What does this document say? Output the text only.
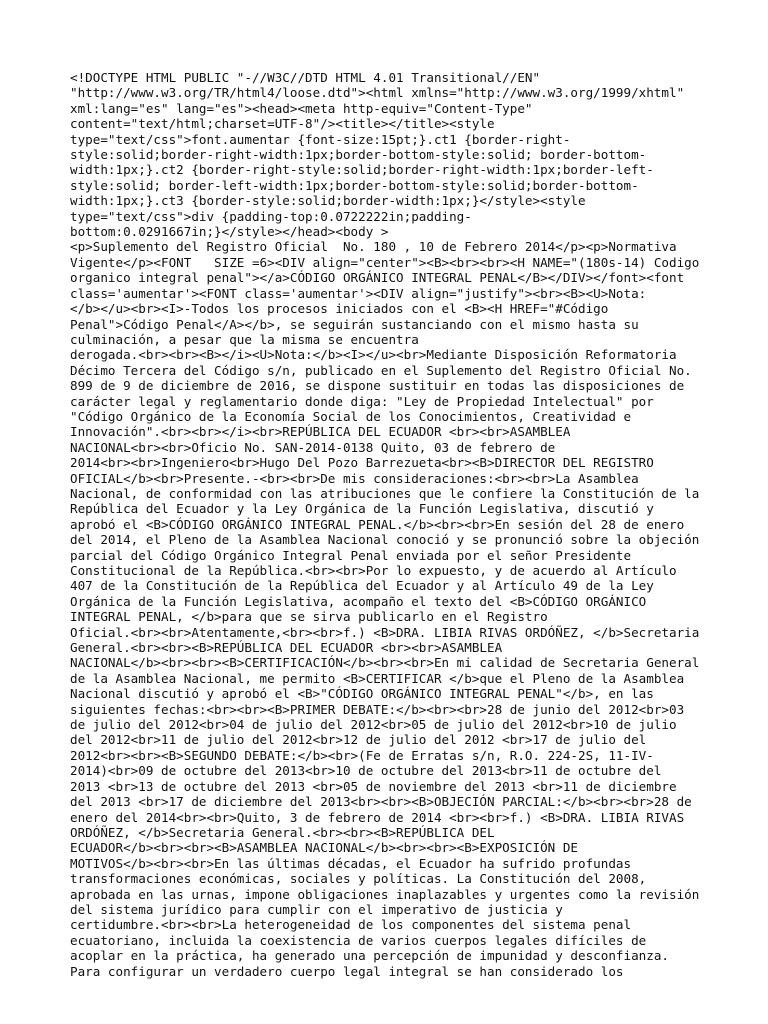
<!DOCTYPE HTML PUBLIC "-//W3C//DTD HTML 4.01 Transitional//EN"
"http://www.w3.org/TR/html4/loose.dtd"><html xmlns="http://www.w3.org/1999/xhtml"
xml:lang="es" lang="es"><head><meta http-equiv="Content-Type"
content="text/html;charset=UTF-8"/><title></title><style
type="text/css">font.aumentar {font-size:15pt;}.ct1 {border-right-
style:solid;border-right-width:1px;border-bottom-style:solid; border-bottom-
width:1px;}.ct2 {border-right-style:solid;border-right-width:1px;border-left-
style:solid; border-left-width:1px;border-bottom-style:solid;border-bottom-
width:1px;}.ct3 {border-style:solid;border-width:1px;}</style><style
type="text/css">div {padding-top:0.0722222in;padding-
bottom:0.0291667in;}</style></head><body >
<p>Suplemento del Registro Oficial  No. 180 , 10 de Febrero 2014</p><p>Normativa
Vigente</p><FONT   SIZE =6><DIV align="center"><B><br><br><H NAME="(180s-14) Codigo
organico integral penal"></a>CÓDIGO ORGÁNICO INTEGRAL PENAL</B></DIV></font><font
class='aumentar'><FONT class='aumentar'><DIV align="justify"><br><B><U>Nota:
</b></u><br><I>-Todos los procesos iniciados con el <B><H HREF="#Código
Penal">Código Penal</A></b>, se seguirán sustanciando con el mismo hasta su
culminación, a pesar que la misma se encuentra
derogada.<br><br><B></i><U>Nota:</b><I></u><br>Mediante Disposición Reformatoria
Décimo Tercera del Código s/n, publicado en el Suplemento del Registro Oficial No.
899 de 9 de diciembre de 2016, se dispone sustituir en todas las disposiciones de
carácter legal y reglamentario donde diga: "Ley de Propiedad Intelectual" por
"Código Orgánico de la Economía Social de los Conocimientos, Creatividad e
Innovación".<br><br></i><br>REPÚBLICA DEL ECUADOR <br><br>ASAMBLEA
NACIONAL<br><br>Oficio No. SAN-2014-0138 Quito, 03 de febrero de
2014<br><br>Ingeniero<br>Hugo Del Pozo Barrezueta<br><B>DIRECTOR DEL REGISTRO
OFICIAL</b><br>Presente.-<br><br>De mis consideraciones:<br><br>La Asamblea
Nacional, de conformidad con las atribuciones que le confiere la Constitución de la
República del Ecuador y la Ley Orgánica de la Función Legislativa, discutió y
aprobó el <B>CÓDIGO ORGÁNICO INTEGRAL PENAL.</b><br><br>En sesión del 28 de enero
del 2014, el Pleno de la Asamblea Nacional conoció y se pronunció sobre la objeción
parcial del Código Orgánico Integral Penal enviada por el señor Presidente
Constitucional de la República.<br><br>Por lo expuesto, y de acuerdo al Artículo
407 de la Constitución de la República del Ecuador y al Artículo 49 de la Ley
Orgánica de la Función Legislativa, acompaño el texto del <B>CÓDIGO ORGÁNICO
INTEGRAL PENAL, </b>para que se sirva publicarlo en el Registro
Oficial.<br><br>Atentamente,<br><br>f.) <B>DRA. LIBIA RIVAS ORDÓÑEZ, </b>Secretaria
General.<br><br><B>REPÚBLICA DEL ECUADOR <br><br>ASAMBLEA
NACIONAL</b><br><br><B>CERTIFICACIÓN</b><br><br>En mi calidad de Secretaria General
de la Asamblea Nacional, me permito <B>CERTIFICAR </b>que el Pleno de la Asamblea
Nacional discutió y aprobó el <B>"CÓDIGO ORGÁNICO INTEGRAL PENAL"</b>, en las
siguientes fechas:<br><br><B>PRIMER DEBATE:</b><br><br>28 de junio del 2012<br>03
de julio del 2012<br>04 de julio del 2012<br>05 de julio del 2012<br>10 de julio
del 2012<br>11 de julio del 2012<br>12 de julio del 2012 <br>17 de julio del
2012<br><br><B>SEGUNDO DEBATE:</b><br>(Fe de Erratas s/n, R.O. 224-2S, 11-IV-
2014)<br>09 de octubre del 2013<br>10 de octubre del 2013<br>11 de octubre del
2013 <br>13 de octubre del 2013 <br>05 de noviembre del 2013 <br>11 de diciembre
del 2013 <br>17 de diciembre del 2013<br><br><B>OBJECIÓN PARCIAL:</b><br><br>28 de
enero del 2014<br><br>Quito, 3 de febrero de 2014 <br><br>f.) <B>DRA. LIBIA RIVAS
ORDÓÑEZ, </b>Secretaria General.<br><br><B>REPÚBLICA DEL
ECUADOR</b><br><br><B>ASAMBLEA NACIONAL</b><br><br><B>EXPOSICIÓN DE
MOTIVOS</b><br><br>En las últimas décadas, el Ecuador ha sufrido profundas
transformaciones económicas, sociales y políticas. La Constitución del 2008,
aprobada en las urnas, impone obligaciones inaplazables y urgentes como la revisión
del sistema jurídico para cumplir con el imperativo de justicia y
certidumbre.<br><br>La heterogeneidad de los componentes del sistema penal
ecuatoriano, incluida la coexistencia de varios cuerpos legales difíciles de
acoplar en la práctica, ha generado una percepción de impunidad y desconfianza.
Para configurar un verdadero cuerpo legal integral se han considerado los
